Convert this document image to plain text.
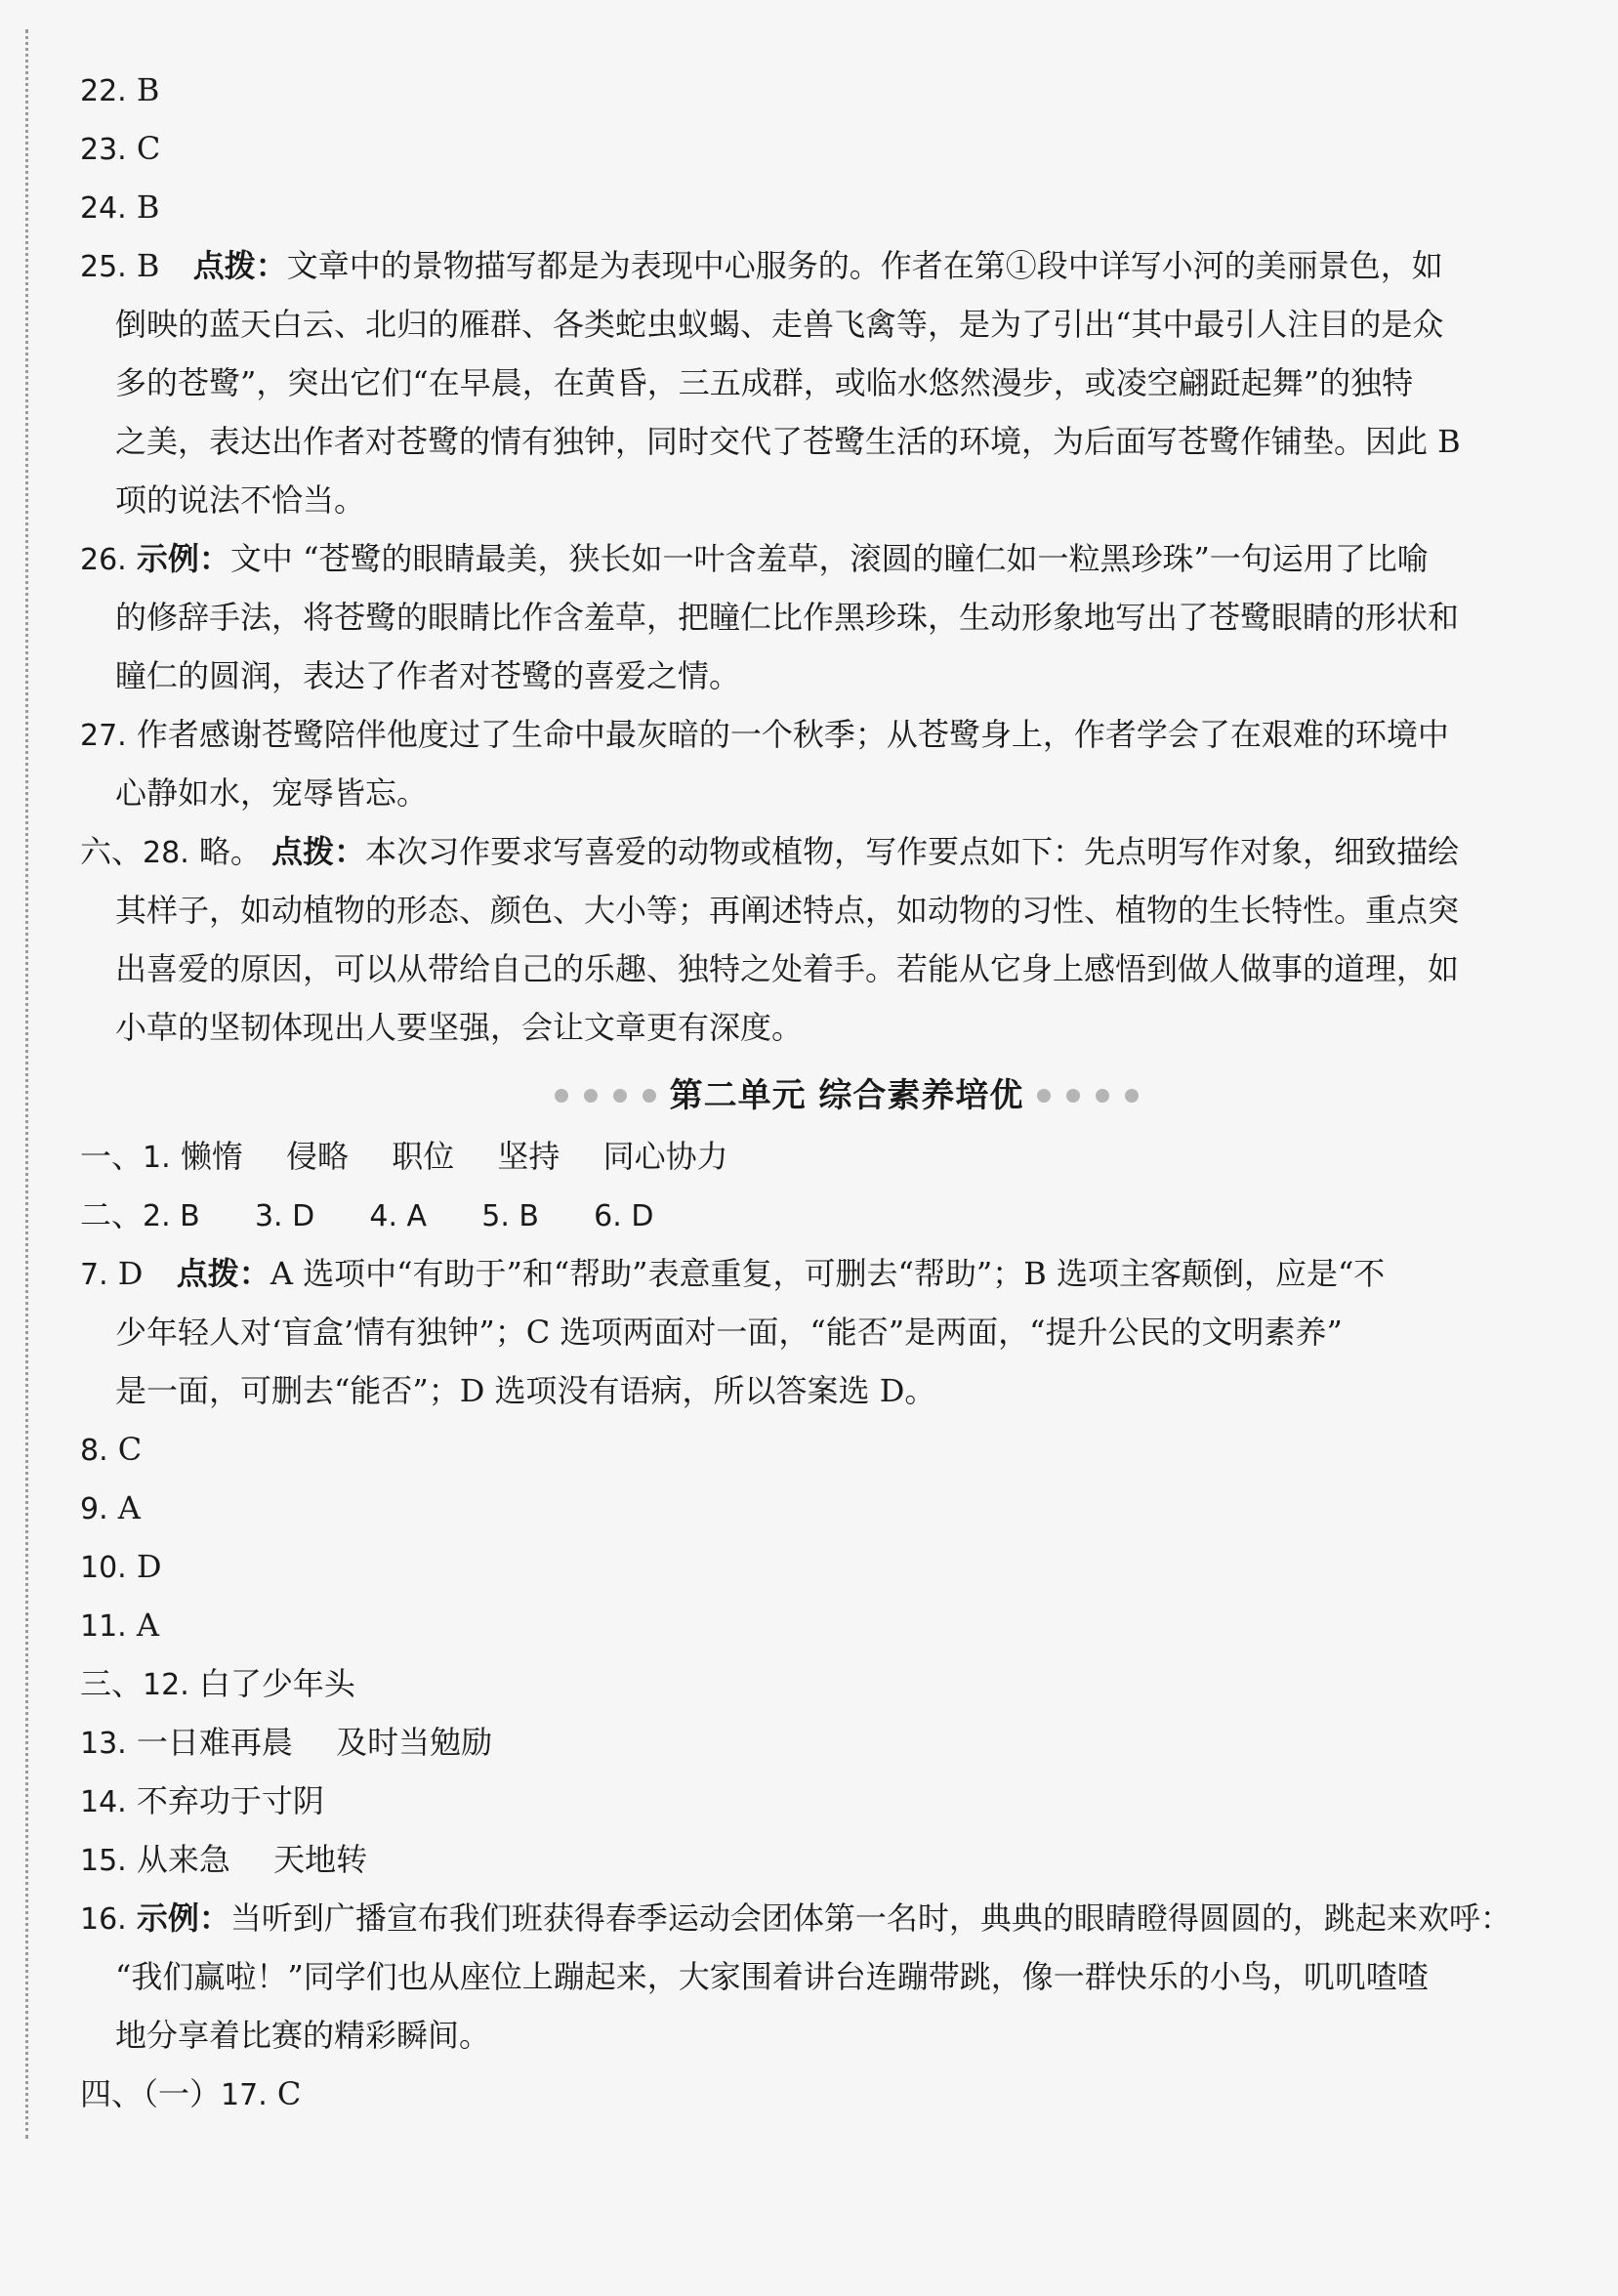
22. B
23. C
24. B
25. B 点拨：文章中的景物描写都是为表现中心服务的。作者在第①段中详写小河的美丽景色，如
倒映的蓝天白云、北归的雁群、各类蛇虫蚁蝎、走兽飞禽等，是为了引出“其中最引人注目的是众
多的苍鹭”，突出它们“在早晨，在黄昏，三五成群，或临水悠然漫步，或凌空翩跹起舞”的独特
之美，表达出作者对苍鹭的情有独钟，同时交代了苍鹭生活的环境，为后面写苍鹭作铺垫。因此 B
项的说法不恰当。
26. 示例：文中 “苍鹭的眼睛最美，狭长如一叶含羞草，滚圆的瞳仁如一粒黑珍珠”一句运用了比喻
的修辞手法，将苍鹭的眼睛比作含羞草，把瞳仁比作黑珍珠，生动形象地写出了苍鹭眼睛的形状和
瞳仁的圆润，表达了作者对苍鹭的喜爱之情。
27. 作者感谢苍鹭陪伴他度过了生命中最灰暗的一个秋季；从苍鹭身上，作者学会了在艰难的环境中
心静如水，宠辱皆忘。
六、28. 略。 点拨：本次习作要求写喜爱的动物或植物，写作要点如下：先点明写作对象，细致描绘
其样子，如动植物的形态、颜色、大小等；再阐述特点，如动物的习性、植物的生长特性。重点突
出喜爱的原因，可以从带给自己的乐趣、独特之处着手。若能从它身上感悟到做人做事的道理，如
小草的坚韧体现出人要坚强，会让文章更有深度。
第二单元 综合素养培优
一、1. 懒惰 侵略 职位 坚持 同心协力
二、2. B 3. D 4. A 5. B 6. D
7. D 点拨：A 选项中“有助于”和“帮助”表意重复，可删去“帮助”；B 选项主客颠倒，应是“不
少年轻人对‘盲盒’情有独钟”；C 选项两面对一面，“能否”是两面，“提升公民的文明素养”
是一面，可删去“能否”；D 选项没有语病，所以答案选 D。
8. C
9. A
10. D
11. A
三、12. 白了少年头
13. 一日难再晨 及时当勉励
14. 不弃功于寸阴
15. 从来急 天地转
16. 示例：当听到广播宣布我们班获得春季运动会团体第一名时，典典的眼睛瞪得圆圆的，跳起来欢呼：
“我们赢啦！”同学们也从座位上蹦起来，大家围着讲台连蹦带跳，像一群快乐的小鸟，叽叽喳喳
地分享着比赛的精彩瞬间。
四、（一）17. C
